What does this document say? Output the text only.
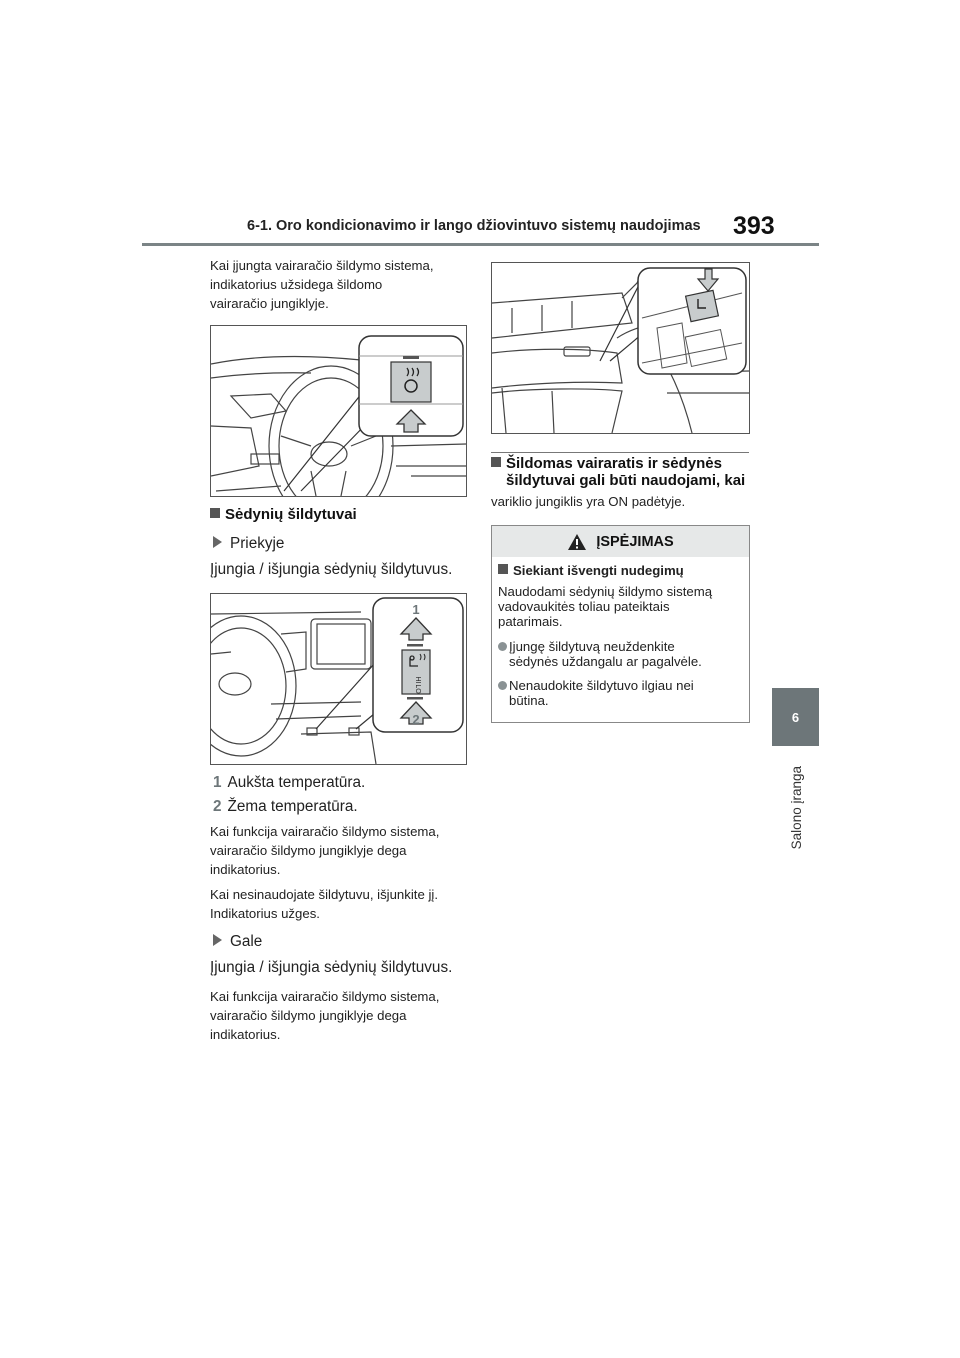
6-1. Oro kondicionavimo ir lango džiovintuvo sistemų naudojimas 393
6
Salono įranga
Kai įjungta vairaračio šildymo sistema,
indikatorius užsidega šildomo
vairaračio jungiklyje.
Sėdynių šildytuvai
Priekyje
Įjungia / išjungia sėdynių šildytuvus.
1
HI
LO
2
1 Aukšta temperatūra.
2 Žema temperatūra.
Kai funkcija vairaračio šildymo sistema,
vairaračio šildymo jungiklyje dega
indikatorius.
Kai nesinaudojate šildytuvu, išjunkite jį.
Indikatorius užges.
Gale
Įjungia / išjungia sėdynių šildytuvus.
Kai funkcija vairaračio šildymo sistema,
vairaračio šildymo jungiklyje dega
indikatorius.
Šildomas vairaratis ir sėdynės
šildytuvai gali būti naudojami, kai
variklio jungiklis yra ON padėtyje.
ĮSPĖJIMAS
Siekiant išvengti nudegimų
Naudodami sėdynių šildymo sistemą
vadovaukitės toliau pateiktais
patarimais.
Įjungę šildytuvą neuždenkite
sėdynės uždangalu ar pagalvėle.
Nenaudokite šildytuvo ilgiau nei
būtina.
